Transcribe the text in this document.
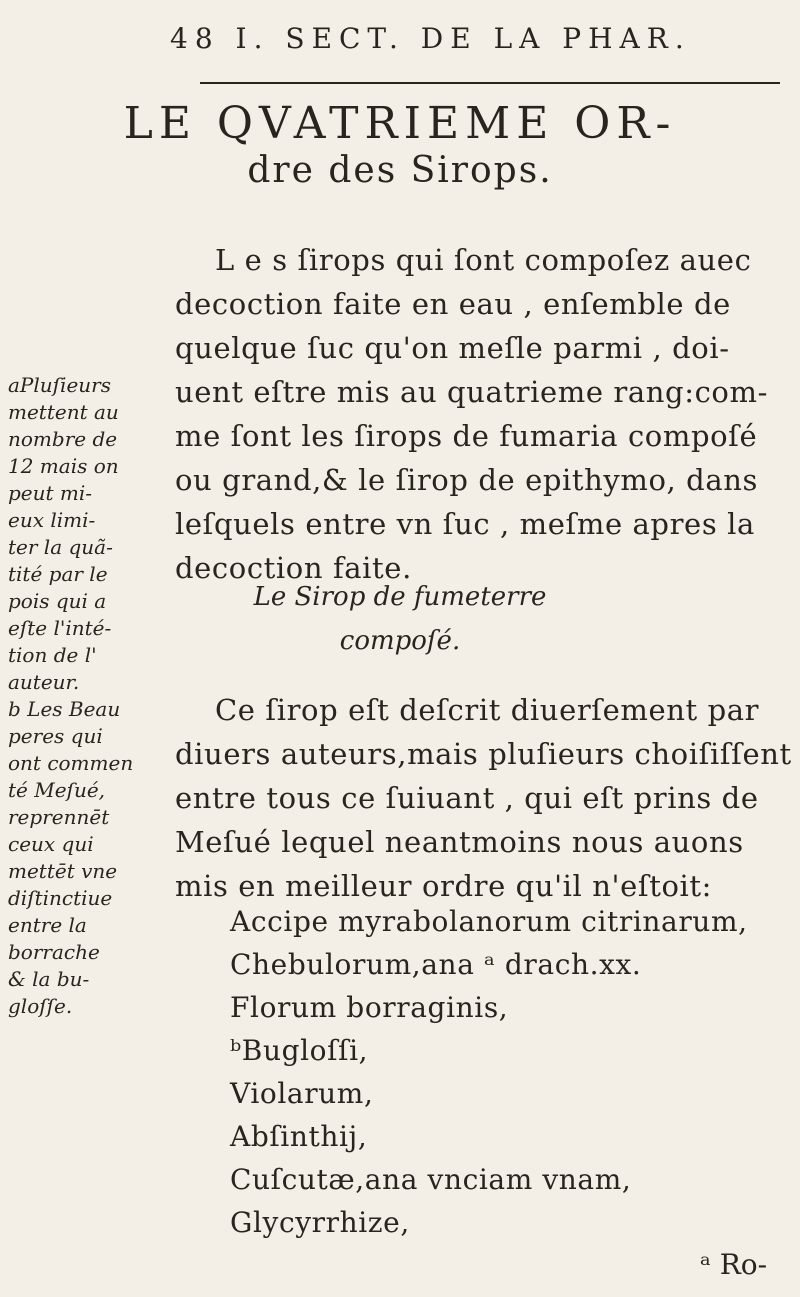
48 I. SECT. DE LA PHAR.
LE QVATRIEME OR-
dre des Sirops.
L e s ſirops qui ſont compoſez auec
decoction faite en eau , enſemble de
quelque ſuc qu'on meſle parmi , doi-
uent eſtre mis au quatrieme rang:com-
me ſont les ſirops de fumaria compoſé
ou grand,& le ſirop de epithymo, dans
leſquels entre vn ſuc , meſme apres la
decoction faite.
Le Sirop de fumeterre
compoſé.
Ce ſirop eſt deſcrit diuerſement par
diuers auteurs,mais pluſieurs choiſiſſent
entre tous ce ſuiuant , qui eſt prins de
Meſué lequel neantmoins nous auons
mis en meilleur ordre qu'il n'eſtoit:
Accipe myrabolanorum citrinarum,
Chebulorum,ana ᵃ drach.xx.
Florum borraginis,
ᵇBugloſſi,
Violarum,
Abſinthij,
Cuſcutæ,ana vnciam vnam,
Glycyrrhize,
aPluſieurs
mettent au
nombre de
12 mais on
peut mi-
eux limi-
ter la quã-
tité par le
pois qui a
eſte l'inté-
tion de l'
auteur.
b Les Beau
peres qui
ont commen
té Meſué,
reprennēt
ceux qui
mettēt vne
diſtinctiue
entre la
borrache
& la bu-
gloſſe.
ᵃ Ro-
